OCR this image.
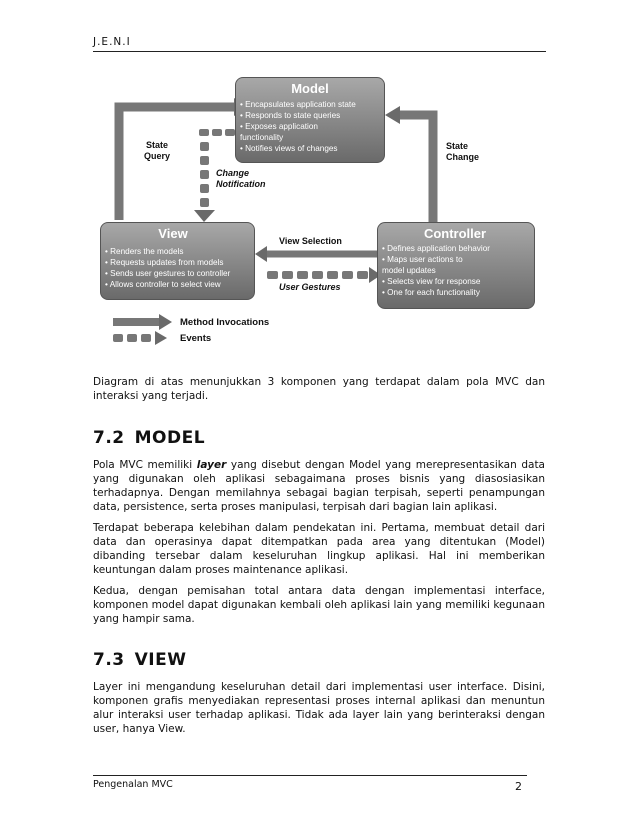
J.E.N.I
Model
• Encapsulates application state
• Responds to state queries
• Exposes application
functionality
• Notifies views of changes
View
• Renders the models
• Requests updates from models
• Sends user gestures to controller
• Allows controller to select view
Controller
• Defines application behavior
• Maps user actions to
model updates
• Selects view for response
• One for each functionality
State
Query
State
Change
View Selection
Change
Notification
User Gestures
Method Invocations
Events
Diagram di atas menunjukkan 3 komponen yang terdapat dalam pola MVC dan interaksi yang terjadi.
7.2 MODEL
Pola MVC memiliki layer yang disebut dengan Model yang merepresentasikan data yang digunakan oleh aplikasi sebagaimana proses bisnis yang diasosiasikan terhadapnya. Dengan memilahnya sebagai bagian terpisah, seperti penampungan data, persistence, serta proses manipulasi, terpisah dari bagian lain aplikasi.
Terdapat beberapa kelebihan dalam pendekatan ini. Pertama, membuat detail dari data dan operasinya dapat ditempatkan pada area yang ditentukan (Model) dibanding tersebar dalam keseluruhan lingkup aplikasi. Hal ini memberikan keuntungan dalam proses maintenance aplikasi.
Kedua, dengan pemisahan total antara data dengan implementasi interface, komponen model dapat digunakan kembali oleh aplikasi lain yang memiliki kegunaan yang hampir sama.
7.3 VIEW
Layer ini mengandung keseluruhan detail dari implementasi user interface. Disini, komponen grafis menyediakan representasi proses internal aplikasi dan menuntun alur interaksi user terhadap aplikasi. Tidak ada layer lain yang berinteraksi dengan user, hanya View.
Pengenalan MVC	2
